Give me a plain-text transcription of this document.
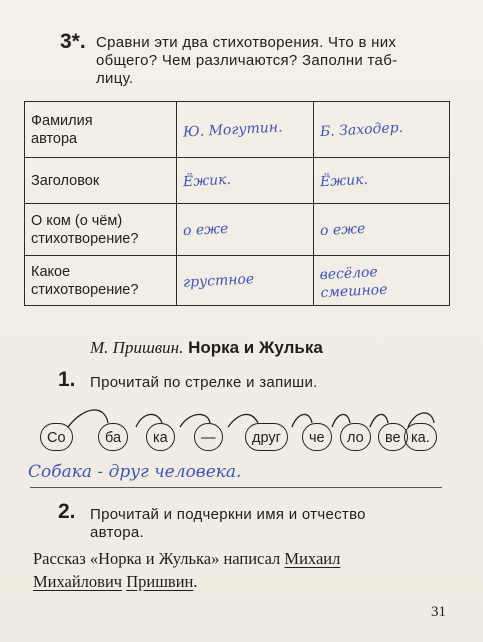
3*. Сравни эти два стихотворения. Что в них
общего? Чем различаются? Заполни таб-
лицу.
Фамилия
автора	Ю. Могутин.	Б. Заходер.

Заголовок	Ёжик.	Ёжик.

О ком (о чём)
стихотворение?	о еже	о еже

Какое
стихотворение?	грустное	весёлое смешное
М. Пришвин. Норка и Жулька
1. Прочитай по стрелке и запиши.
Со	ба	ка	—	друг	че	ло	ве ка.
Собака - друг человека.
2. Прочитай и подчеркни имя и отчество
автора.
Рассказ «Норка и Жулька» написал Михаил
Михайлович Пришвин.
31
